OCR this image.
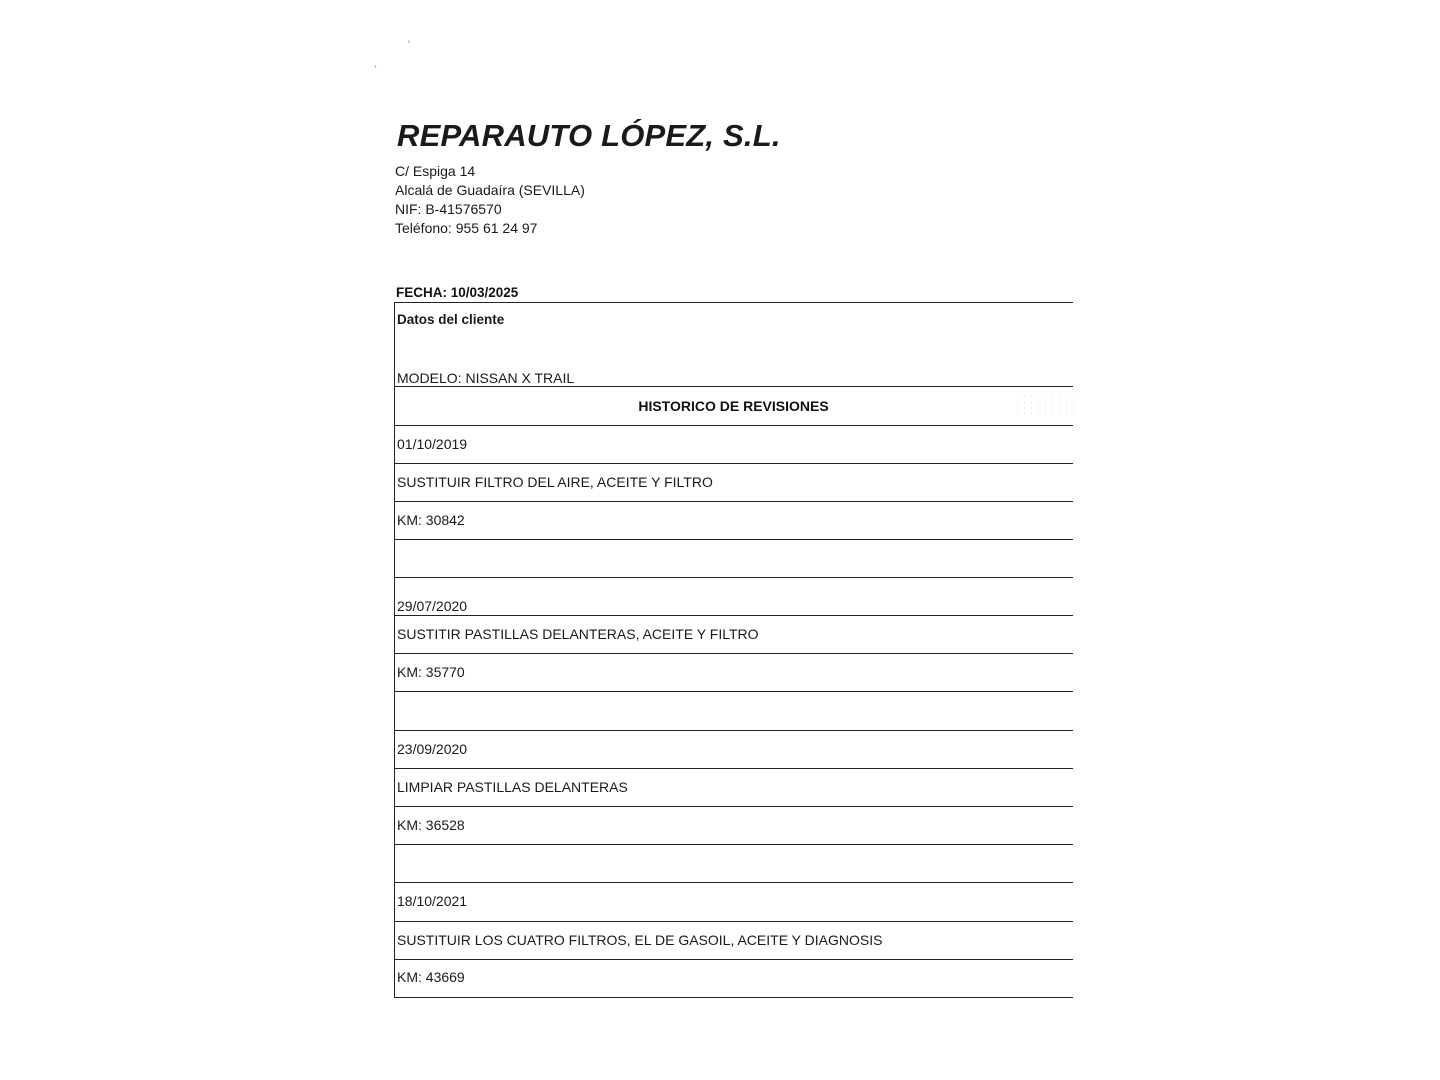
‘
`
REPARAUTO LÓPEZ, S.L.
C/ Espiga 14
Alcalá de Guadaíra (SEVILLA)
NIF: B-41576570
Teléfono: 955 61 24 97
FECHA: 10/03/2025
Datos del cliente
MODELO: NISSAN X TRAIL
HISTORICO DE REVISIONES
01/10/2019
SUSTITUIR FILTRO DEL AIRE, ACEITE Y FILTRO
KM: 30842
29/07/2020
SUSTITIR PASTILLAS DELANTERAS, ACEITE Y FILTRO
KM: 35770
23/09/2020
LIMPIAR PASTILLAS DELANTERAS
KM: 36528
18/10/2021
SUSTITUIR LOS CUATRO FILTROS, EL DE GASOIL, ACEITE Y DIAGNOSIS
KM: 43669
